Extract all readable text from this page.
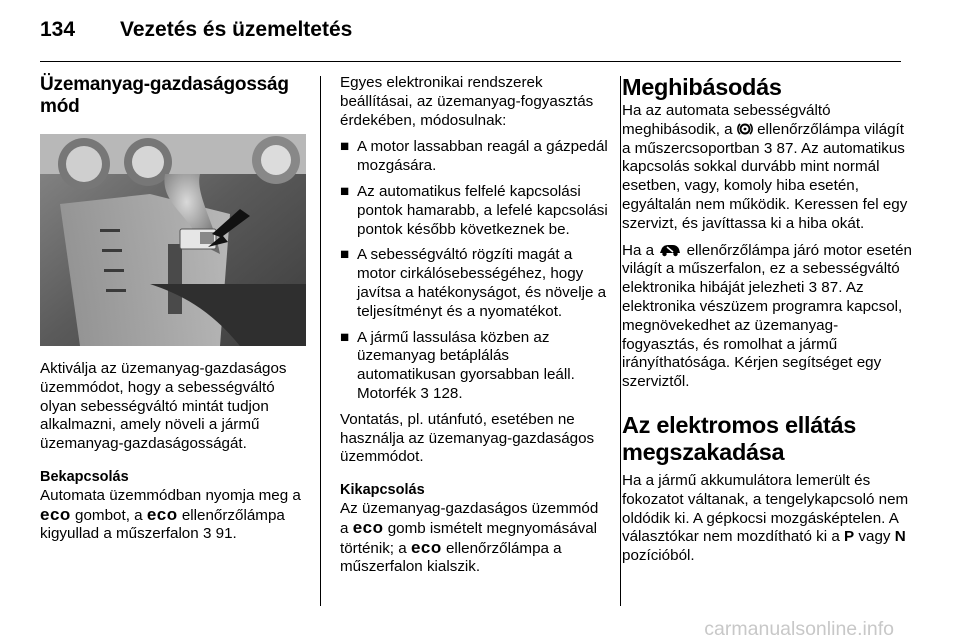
134 Vezetés és üzemeltetés
Üzemanyag-gazdaságosság mód

Aktiválja az üzemanyag-gazdaságos üzemmódot, hogy a sebességváltó olyan sebességváltó mintát tudjon alkalmazni, amely növeli a jármű üzemanyag-gazdaságosságát.

Bekapcsolás

Automata üzemmódban nyomja meg a eco gombot, a eco ellenőrzőlámpa kigyullad a műszerfalon 3 91.

Egyes elektronikai rendszerek beállításai, az üzemanyag-fogyasztás érdekében, módosulnak:

■ A motor lassabban reagál a gázpedál mozgására.
■ Az automatikus felfelé kapcsolási pontok hamarabb, a lefelé kapcsolási pontok később következnek be.
■ A sebességváltó rögzíti magát a motor cirkálósebességéhez, hogy javítsa a hatékonyságot, és növelje a teljesítményt és a nyomatékot.
■ A jármű lassulása közben az üzemanyag betáplálás automatikusan gyorsabban leáll. Motorfék 3 128.

Vontatás, pl. utánfutó, esetében ne használja az üzemanyag-gazdaságos üzemmódot.

Kikapcsolás

Az üzemanyag-gazdaságos üzemmód a eco gomb ismételt megnyomásával történik; a eco ellenőrzőlámpa a műszerfalon kialszik.

Meghibásodás

Ha az automata sebességváltó meghibásodik, a ellenőrzőlámpa világít a műszercsoportban 3 87. Az automatikus kapcsolás sokkal durvább mint normál esetben, vagy, komoly hiba esetén, egyáltalán nem működik. Keressen fel egy szervizt, és javíttassa ki a hiba okát.

Ha a ellenőrzőlámpa járó motor esetén világít a műszerfalon, ez a sebességváltó elektronika hibáját jelezheti 3 87. Az elektronika vészüzem programra kapcsol, megnövekedhet az üzemanyag-fogyasztás, és romolhat a jármű irányíthatósága. Kérjen segítséget egy szerviztől.

Az elektromos ellátás megszakadása

Ha a jármű akkumulátora lemerült és fokozatot váltanak, a tengelykapcsoló nem oldódik ki. A gépkocsi mozgásképtelen. A választókar nem mozdítható ki a P vagy N pozícióból.

carmanualsonline.info
